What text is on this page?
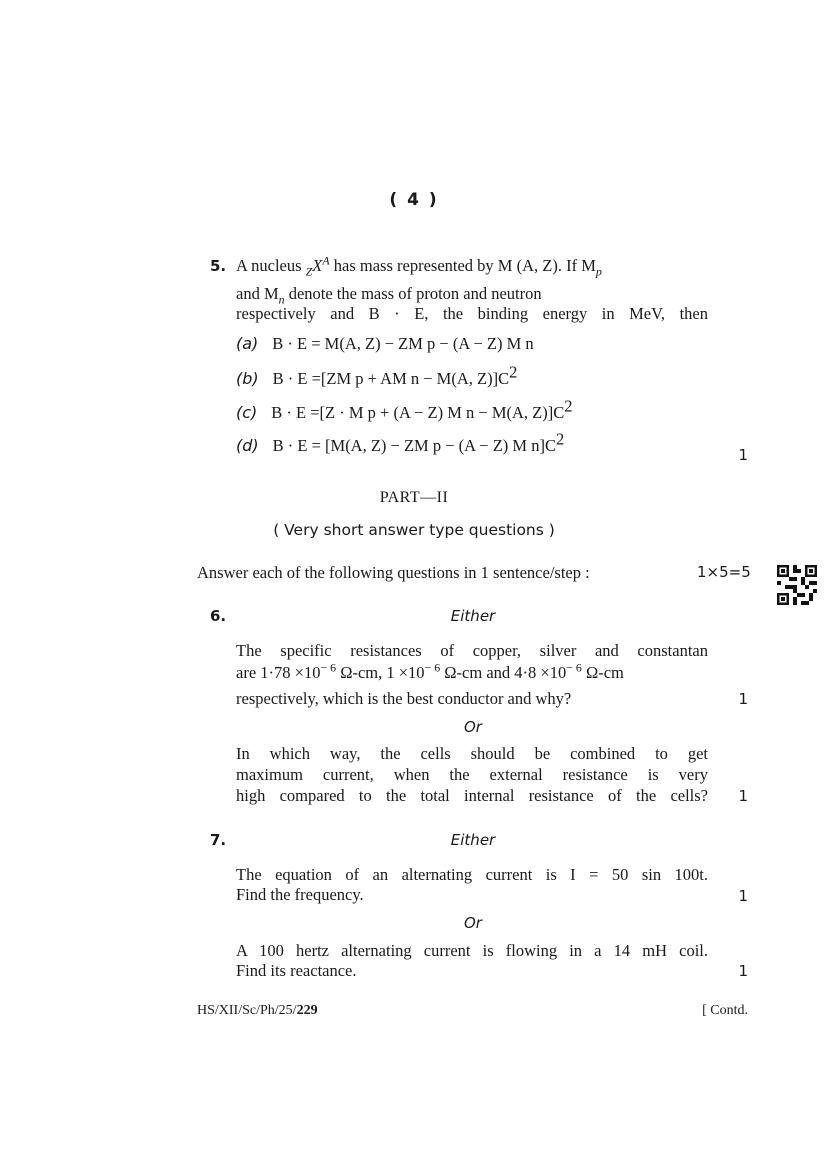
( 4 )
5. A nucleus $_ZX^A$ has mass represented by M (A, Z). If $M_p$
and $M_n$ denote the mass of proton and neutron
respectively and B · E, the binding energy in MeV, then
(a) B · E = M(A, Z) − ZM p − (A − Z) M n
(b) B · E =[ZM p + AM n − M(A, $Z)]C^2$
(c) B · E =[Z · M p + (A − Z) M n − M(A, $Z)]C^2$
(d) B · E = [M(A, Z) − ZM p − (A − Z) M $n]C^2$
1
PART—II
( Very short answer type questions )
Answer each of the following questions in 1 sentence/step :	1×5=5
6.	Either
The specific resistances of copper, silver and constantan
are $1\cdot 78 \times 10^{- 6}$ Ω-cm, $1 \times 10^{- 6}$ Ω-cm and $4\cdot 8 \times 10^{- 6}$ Ω-cm
respectively, which is the best conductor and why?	1
Or
In which way, the cells should be combined to get
maximum current, when the external resistance is very
high compared to the total internal resistance of the cells? 1
7.	Either
The equation of an alternating current is I = 50 sin 100t.
Find the frequency.	1
Or
A 100 hertz alternating current is flowing in a 14 mH coil.
Find its reactance.	1
HS/XII/Sc/Ph/25/229	[ Contd.
